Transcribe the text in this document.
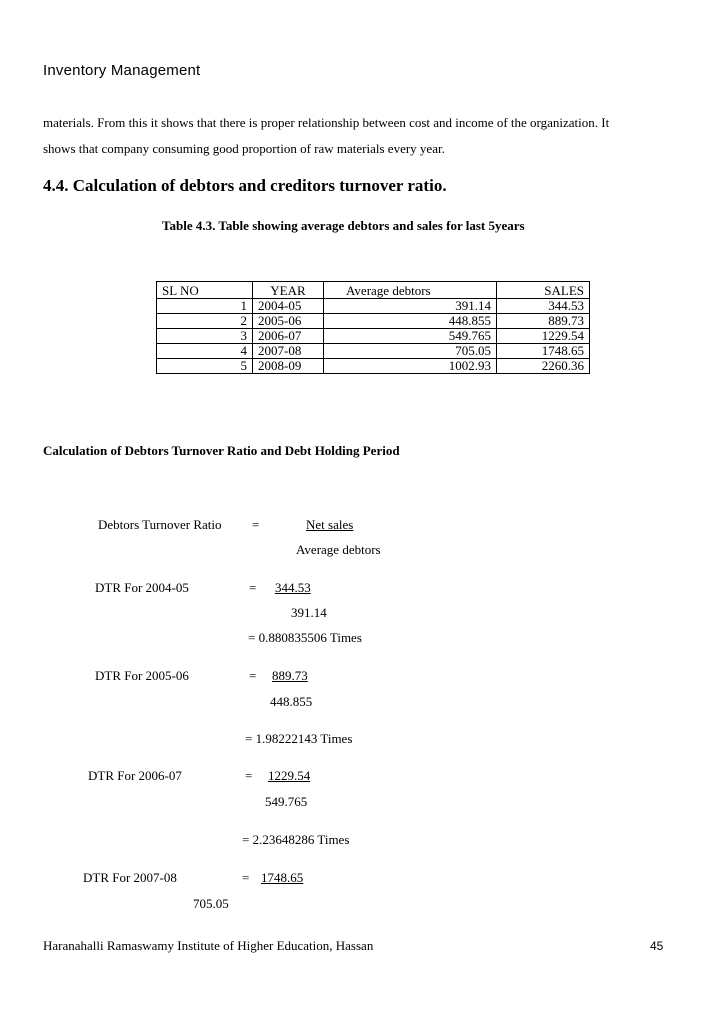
Inventory Management
materials. From this it shows that there is proper relationship between cost and income of the organization. It
shows that company consuming good proportion of raw materials every year.
4.4. Calculation of debtors and creditors turnover ratio.
Table 4.3. Table showing average debtors and sales for last 5years
SL NO	YEAR	Average debtors	SALES
1	2004-05	391.14	344.53
2	2005-06	448.855	889.73
3	2006-07	549.765	1229.54
4	2007-08	705.05	1748.65
5	2008-09	1002.93	2260.36
Calculation of Debtors Turnover Ratio and Debt Holding Period
Debtors Turnover Ratio =	Net sales
Average debtors
DTR For 2004-05	= 344.53
391.14
= 0.880835506 Times
DTR For 2005-06	= 889.73
448.855
= 1.98222143 Times
DTR For 2006-07	= 1229.54
549.765
= 2.23648286 Times
DTR For 2007-08	= 1748.65
705.05
Haranahalli Ramaswamy Institute of Higher Education, Hassan	45
